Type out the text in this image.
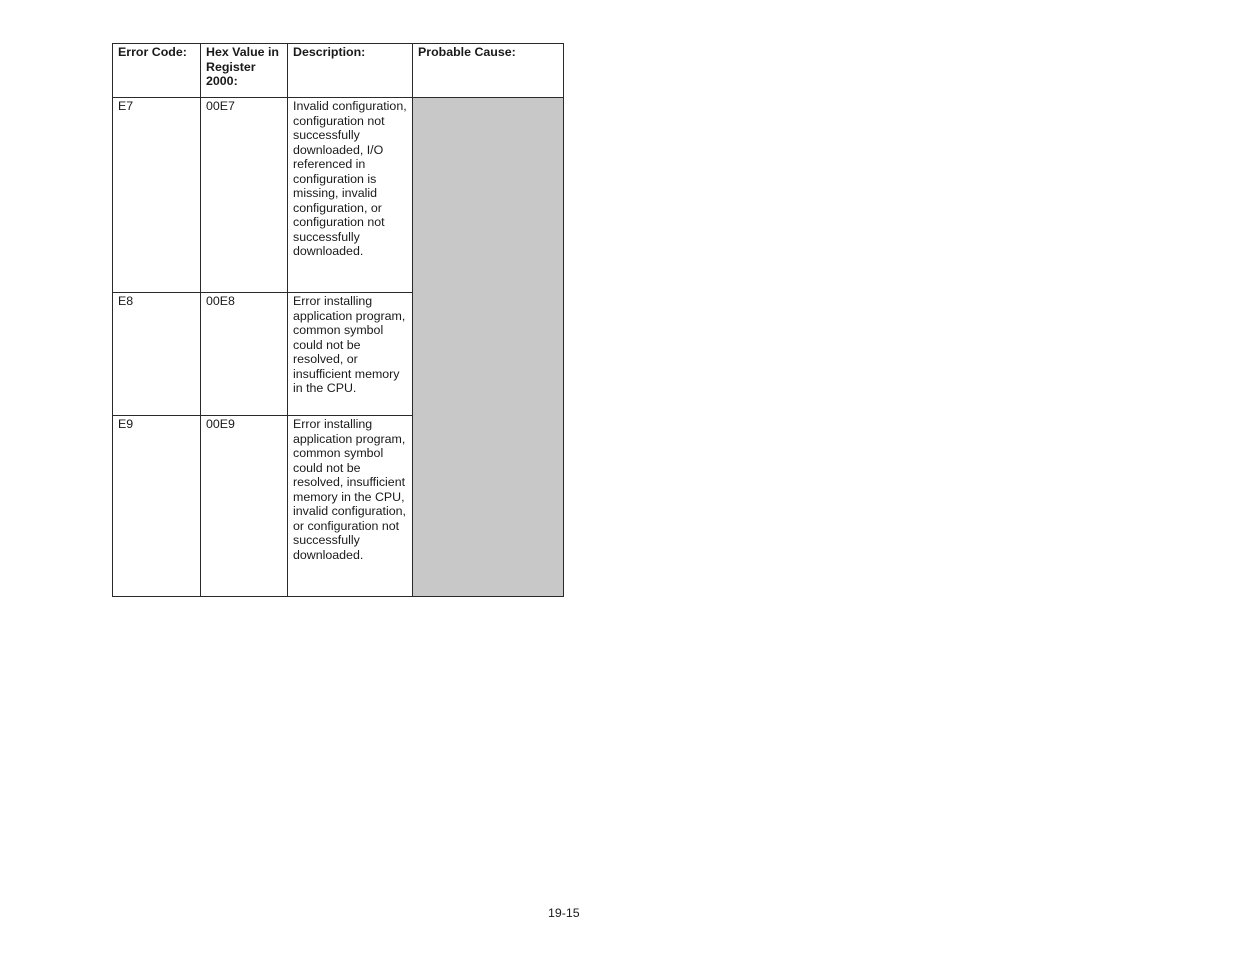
Error Code:	Hex Value in Register 2000:	Description:	Probable Cause:
E7	00E7	Invalid configuration, configuration not successfully downloaded, I/O referenced in configuration is missing, invalid configuration, or configuration not successfully downloaded.	
E8	00E8	Error installing application program, common symbol could not be resolved, or insufficient memory in the CPU.	
E9	00E9	Error installing application program, common symbol could not be resolved, insufficient memory in the CPU, invalid configuration, or configuration not successfully downloaded.	
19-15
